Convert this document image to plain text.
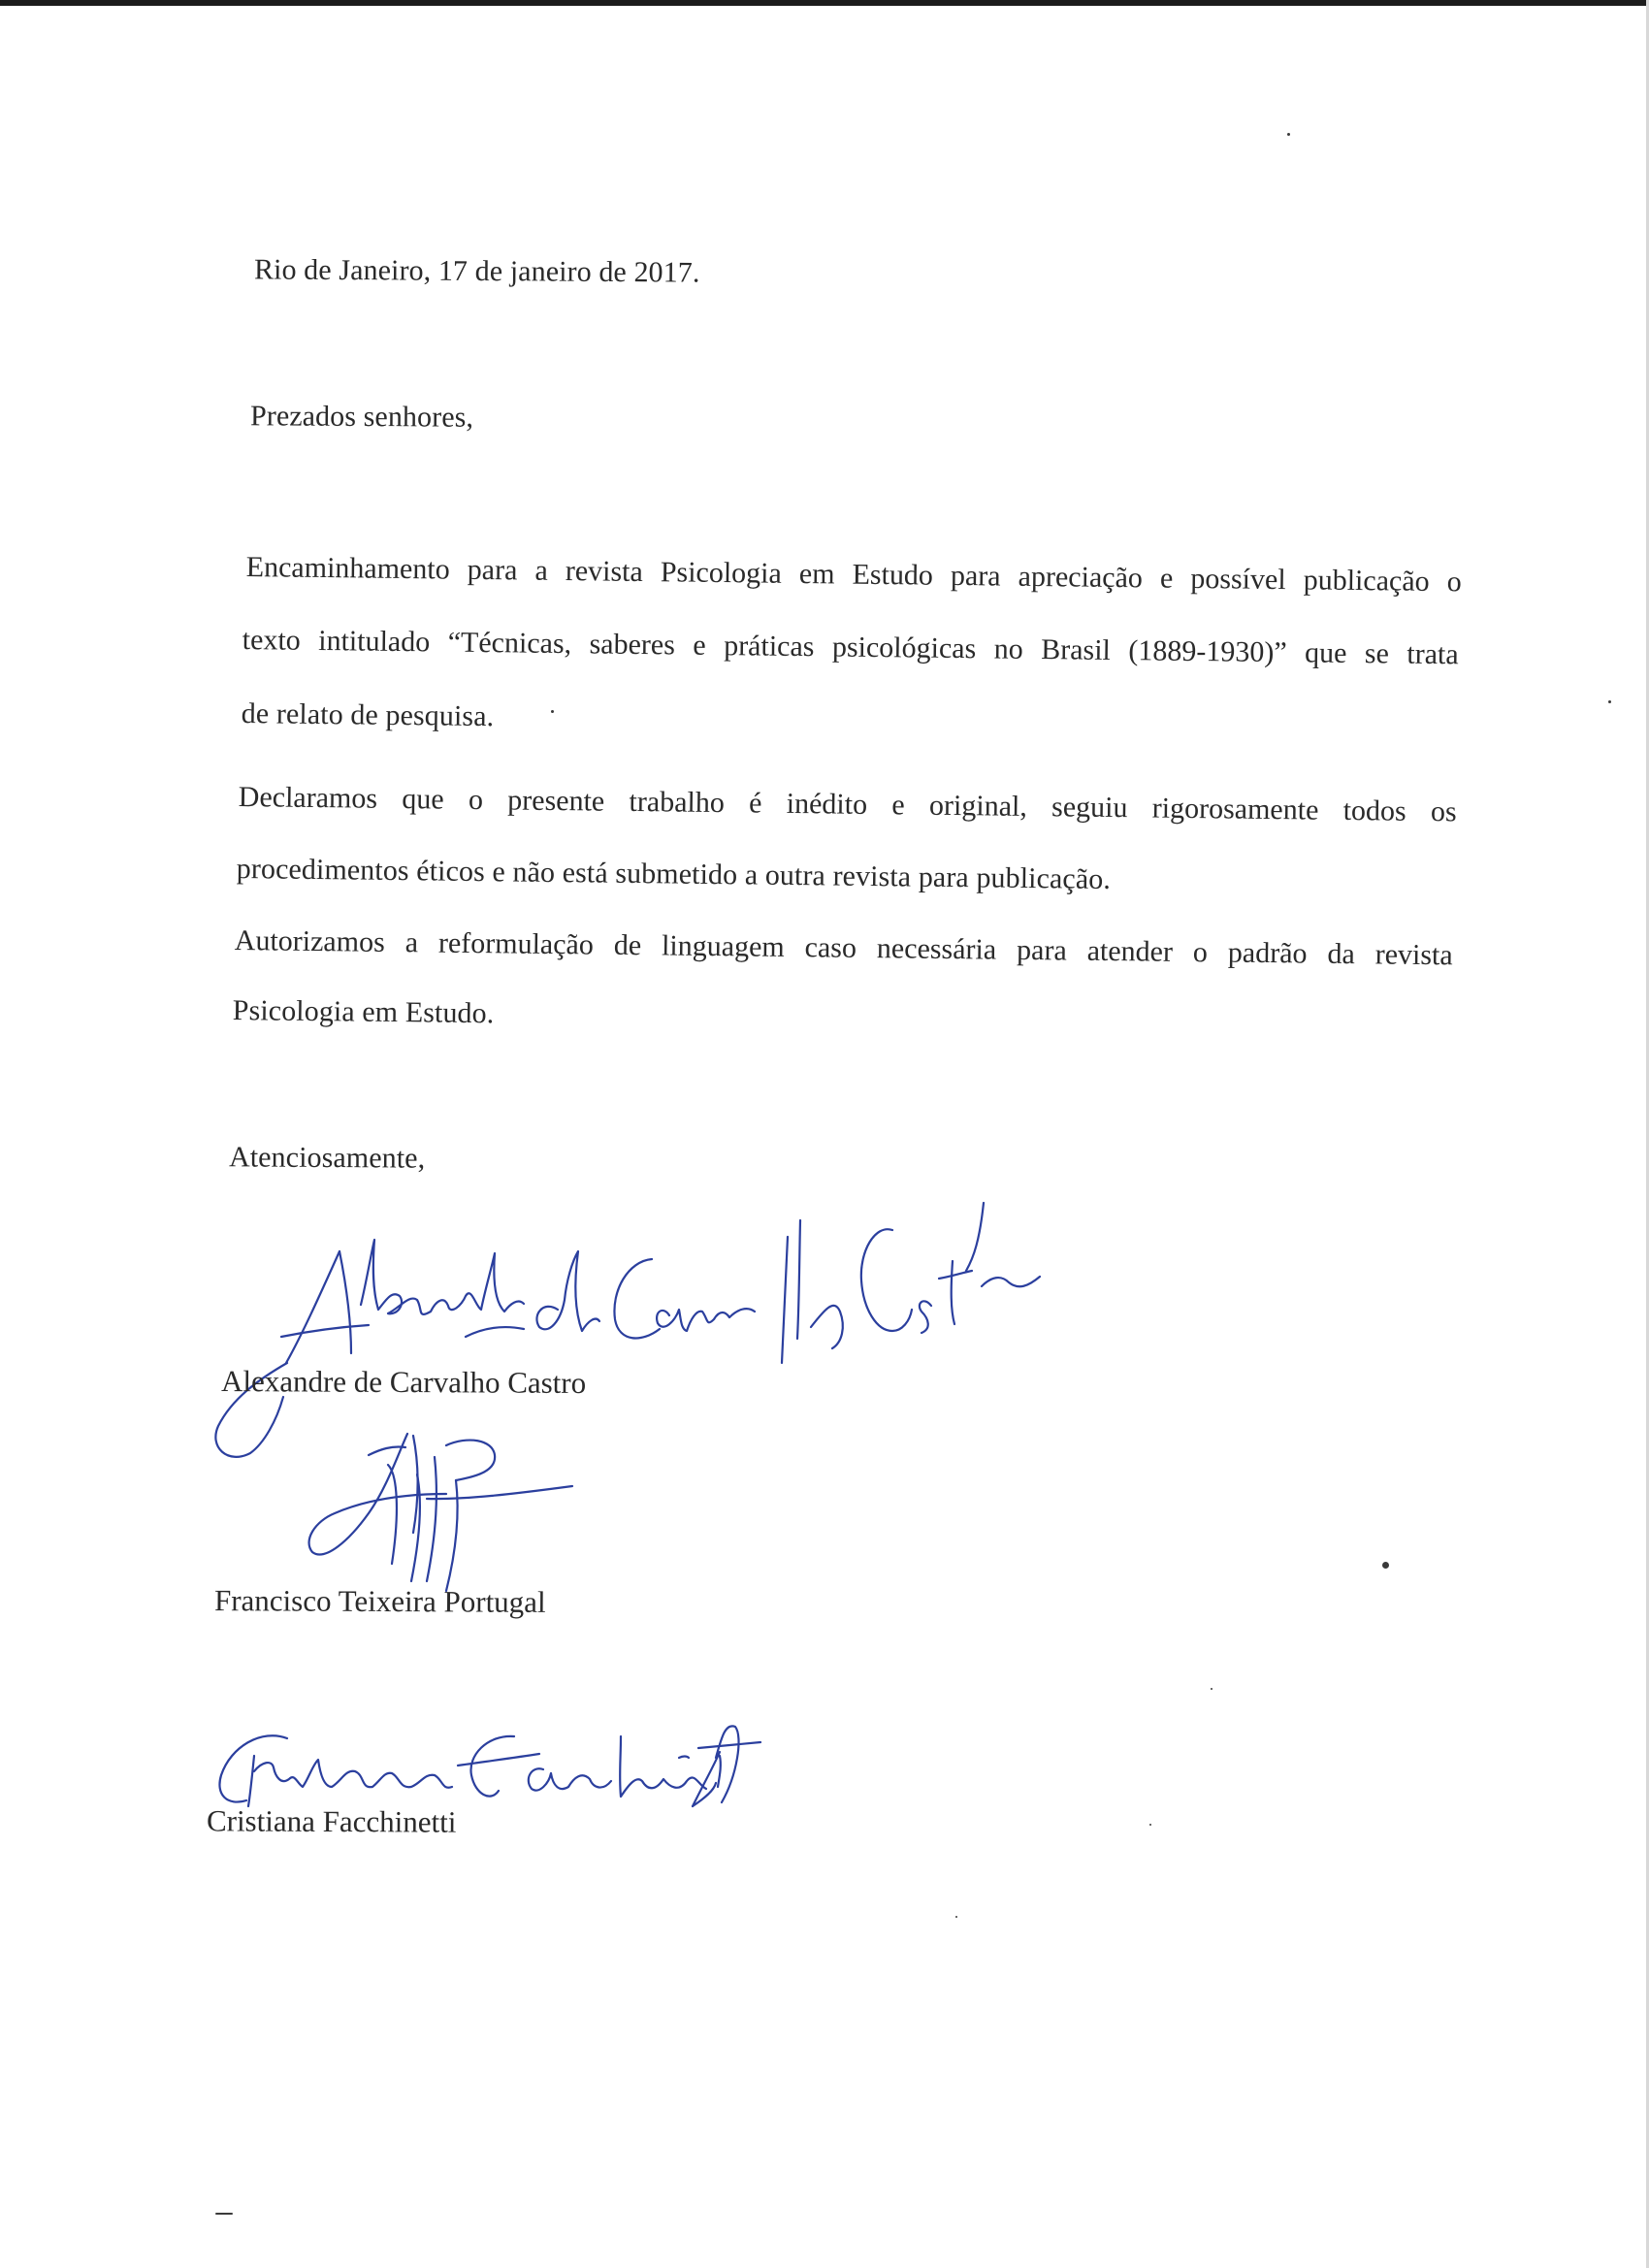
Rio de Janeiro, 17 de janeiro de 2017.
Prezados senhores,
Encaminhamento para a revista Psicologia em Estudo para apreciação e possível publicação o
texto intitulado “Técnicas, saberes e práticas psicológicas no Brasil (1889-1930)” que se trata
de relato de pesquisa.
Declaramos que o presente trabalho é inédito e original, seguiu rigorosamente todos os
procedimentos éticos e não está submetido a outra revista para publicação.
Autorizamos a reformulação de linguagem caso necessária para atender o padrão da revista
Psicologia em Estudo.
Atenciosamente,
Alexandre de Carvalho Castro
Francisco Teixeira Portugal
Cristiana Facchinetti
